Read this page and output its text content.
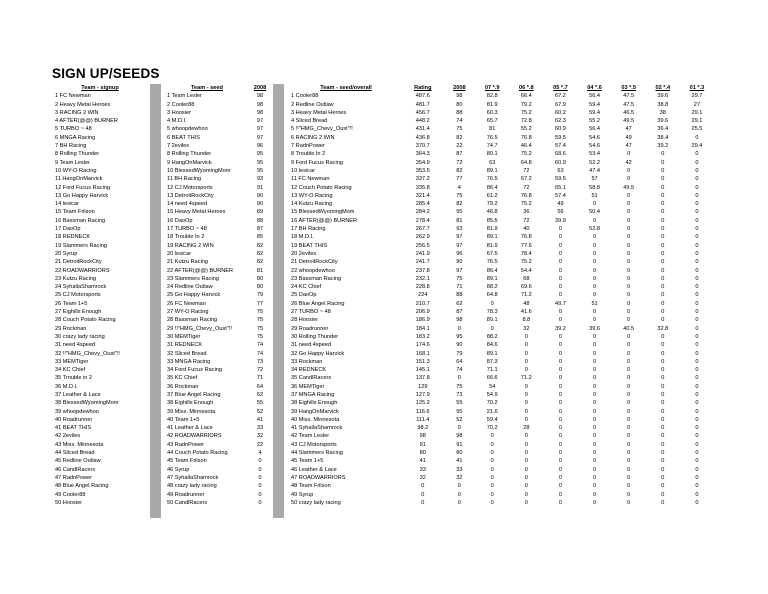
SIGN UP/SEEDS
Team - signup
1 FC Newman
2 Heavy Metal Heroes
3 RACING 2 WIN
4 AFTER(@@) BURNER
5 TURBO ~ 48
6 MNGA Racing
7 BH Racing
8 Rolling Thunder
9 Team Lesler
10 WY-O Racing
11 HangOnMarvick
12 Ford Fucus Racing
13 Go Happy Harvick
14 lesicar
15 Team Frilson
16 Bassman Racing
17 DaoOp
18 REDNECK
19 Slammers Racing
20 Syrup
21 DetroitRockCity
22 ROADWARRIORS
23 Kutzu Racing
24 SyhallaShamrock
25 CJ Motorsports
26 Team 1+5
27 Eighills Enough
28 Couch Potato Racing
29 Rockman
30 crazy lady racing
31 need 4speed
32 !!"HMG_Chevy_Oust"!!
33 MEMTiger
34 KC Chief
35 Trouble in 2
36 M.D.I.
37 Leather & Lace
38 BlessedWyomingMom
39 whoopdewhoo
40 Roadrunner
41 BEAT THIS
42 2eviles
43 Miss. Minnesota
44 Sliced Bread
45 Redline Outlaw
46 CandlRacers
47 RadnPower
48 Blue Angel Racing
49 Cooler88
50 Hoosier
Team - seed	2008
1 Team Lesler	98
2 Cooler88	98
3 Hoosier	98
4 M.D.I.	97
5 whoopdewhoo	97
6 BEAT THIS	97
7 2eviles	96
8 Rolling Thunder	95
9 HangOnMarvick	95
10 BlessedWyomingMom	95
11 BH Racing	93
12 CJ Motorsports	91
13 DetroitRockCity	90
14 need 4speed	90
15 Heavy Metal Heroes	89
16 DaoOp	88
17 TURBO ~ 48	87
18 Trouble In 2	85
19 RACING 2 WIN	82
20 lesicar	82
21 Kutzu Racing	82
22 AFTER(@@) BURNER	81
23 Slammers Racing	80
24 Redline Outlaw	80
25 Go Happy Harvick	79
26 FC Newman	77
27 WY-O Racing	75
28 Bassman Racing	75
29 !!"HMG_Chevy_Oust"!!	75
30 MEMTiger	75
31 REDNECK	74
32 Sliced Bread	74
33 MNGA Racing	73
34 Ford Fucus Racing	72
35 KC Chief	71
36 Rockman	64
37 Blue Angel Racing	62
38 Eighills Enough	55
39 Miss. Minnesota	52
40 Team 1+5	41
41 Leather & Lace	33
42 ROADWARRIORS	32
43 RadnPower	22
44 Couch Potato Racing	4
45 Team Frilson	0
46 Syrup	0
47 SyhallaShamrock	0
48 crazy lady racing	0
49 Roadrunner	0
50 CandlRacers	0
Team - seed/overall	Rating	2008	07 *.9	06 *.8	05 *.7	04 *.6	03 *.5	02 *.4	01 *.3
1 Cooler88	487.6	98	82.8	66.4	67.2	56.4	47.5	39.6	29.7
2 Redline Outlaw	481.7	80	81.9	79.2	67.9	59.4	47.5	38.8	27
3 Heavy Metal Heroes	456.7	88	60.3	75.2	60.2	59.4	46.5	38	29.1
4 Sliced Bread	448.2	74	65.7	72.8	62.3	55.2	49.5	39.6	29.1
5 !!"HMG_Chevy_Oust"!!	431.4	75	81	55.2	60.9	56.4	47	36.4	25.5
6 RACING 2 WIN	436.8	82	76.5	76.8	59.5	54.6	49	38.4	0
7 RadnPower	370.7	22	74.7	46.4	57.4	54.6	47	39.2	29.4
8 Trouble In 2	364.3	87	80.1	75.2	68.6	53.4	0	0	0
9 Ford Fucus Racing	354.9	72	63	64.8	60.9	52.2	42	0	0
10 lesicar	353.5	82	89.1	72	63	47.4	0	0	0
11 FC Newman	337.2	77	76.5	67.2	59.5	57	0	0	0
12 Couch Potato Racing	335.8	4	86.4	72	65.1	58.8	49.5	0	0
13 WY-O Racing	321.4	75	61.2	76.8	57.4	51	0	0	0
14 Kutzu Racing	285.4	82	79.2	75.2	49	0	0	0	0
15 BlessedWyomingMom	284.2	95	46.8	36	56	50.4	0	0	0
16 AFTER(@@) BURNER	278.4	81	85.5	72	39.9	0	0	0	0
17 BH Racing	267.7	93	81.9	40	0	52.8	0	0	0
18 M.D.I.	262.9	97	89.1	76.8	0	0	0	0	0
19 BEAT THIS	256.5	97	81.9	77.6	0	0	0	0	0
20 2eviles	241.9	96	67.5	78.4	0	0	0	0	0
21 DetroitRockCity	241.7	90	76.5	75.2	0	0	0	0	0
22 whoopdewhoo	237.8	97	86.4	54.4	0	0	0	0	0
23 Bassman Racing	232.1	75	89.1	68	0	0	0	0	0
24 KC Chief	228.8	71	88.2	69.6	0	0	0	0	0
25 DaoOp	224	88	64.8	71.2	0	0	0	0	0
26 Blue Angel Racing	210.7	62	0	48	49.7	51	0	0	0
27 TURBO ~ 48	206.9	87	78.3	41.6	0	0	0	0	0
28 Hoosier	186.9	98	80.1	8.8	0	0	0	0	0
29 Roadrunner	184.1	0	0	32	39.2	39.6	40.5	32.8	0
30 Rolling Thunder	183.2	95	88.2	0	0	0	0	0	0
31 need 4speed	174.6	90	84.6	0	0	0	0	0	0
32 Go Happy Harvick	168.1	79	89.1	0	0	0	0	0	0
33 Rockman	151.3	64	87.3	0	0	0	0	0	0
34 REDNECK	145.1	74	71.1	0	0	0	0	0	0
35 CandlRacers	137.8	0	66.6	71.2	0	0	0	0	0
36 MEMTiger	129	75	54	0	0	0	0	0	0
37 MNGA Racing	127.9	73	54.9	0	0	0	0	0	0
38 Eighills Enough	125.2	55	70.2	0	0	0	0	0	0
39 HangOnMarvick	116.6	95	21.6	0	0	0	0	0	0
40 Miss. Minnesota	111.4	52	59.4	0	0	0	0	0	0
41 SyhallaShamrock	98.2	0	70.2	28	0	0	0	0	0
42 Team Lesler	98	98	0	0	0	0	0	0	0
43 CJ Motorsports	91	91	0	0	0	0	0	0	0
44 Slammers Racing	80	80	0	0	0	0	0	0	0
45 Team 1+5	41	41	0	0	0	0	0	0	0
46 Leather & Lace	33	33	0	0	0	0	0	0	0
47 ROADWARRIORS	32	32	0	0	0	0	0	0	0
48 Team Frilson	0	0	0	0	0	0	0	0	0
49 Syrup	0	0	0	0	0	0	0	0	0
50 crazy lady racing	0	0	0	0	0	0	0	0	0
